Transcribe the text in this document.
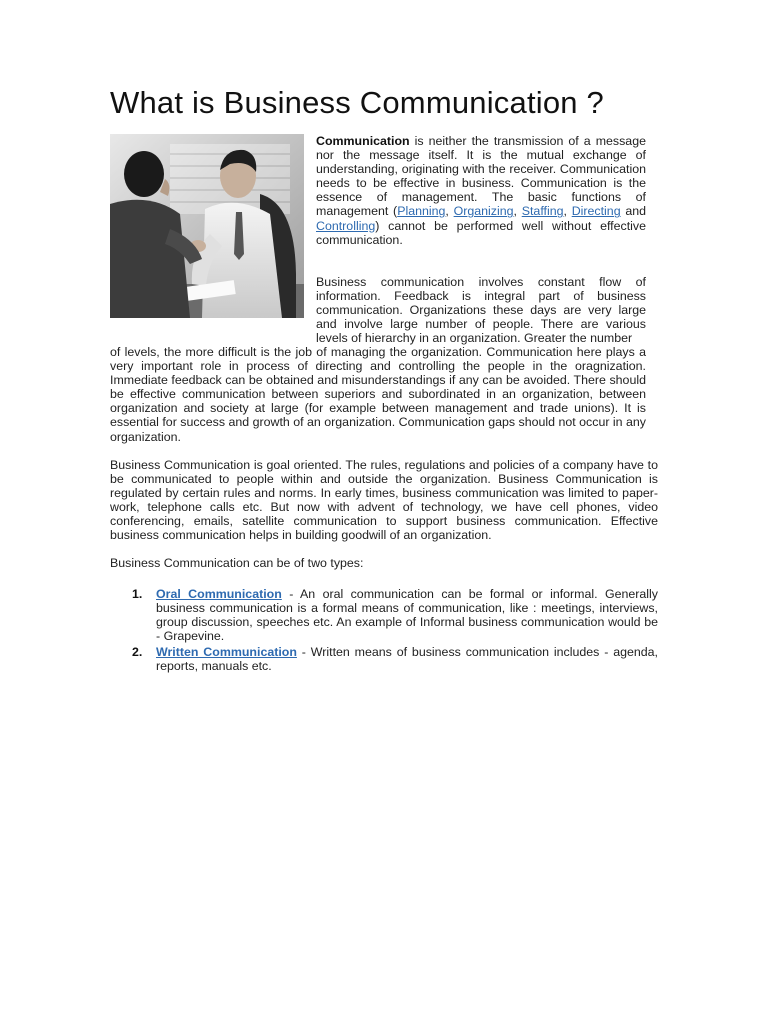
What is Business Communication ?
Communication is neither the transmission of a message nor the message itself. It is the mutual exchange of understanding, originating with the receiver. Communication needs to be effective in business. Communication is the essence of management. The basic functions of management (Planning, Organizing, Staffing, Directing and Controlling) cannot be performed well without effective communication.
Business communication involves constant flow of information. Feedback is integral part of business communication. Organizations these days are very large and involve large number of people. There are various levels of hierarchy in an organization. Greater the number
of levels, the more difficult is the job of managing the organization. Communication here plays a very important role in process of directing and controlling the people in the oragnization. Immediate feedback can be obtained and misunderstandings if any can be avoided. There should be effective communication between superiors and subordinated in an organization, between organization and society at large (for example between management and trade unions). It is essential for success and growth of an organization. Communication gaps should not occur in any organization.
Business Communication is goal oriented. The rules, regulations and policies of a company have to be communicated to people within and outside the organization. Business Communication is regulated by certain rules and norms. In early times, business communication was limited to paper-work, telephone calls etc. But now with advent of technology, we have cell phones, video conferencing, emails, satellite communication to support business communication. Effective business communication helps in building goodwill of an organization.
Business Communication can be of two types:
1. Oral Communication - An oral communication can be formal or informal. Generally business communication is a formal means of communication, like : meetings, interviews, group discussion, speeches etc. An example of Informal business communication would be - Grapevine.
2. Written Communication - Written means of business communication includes - agenda, reports, manuals etc.
